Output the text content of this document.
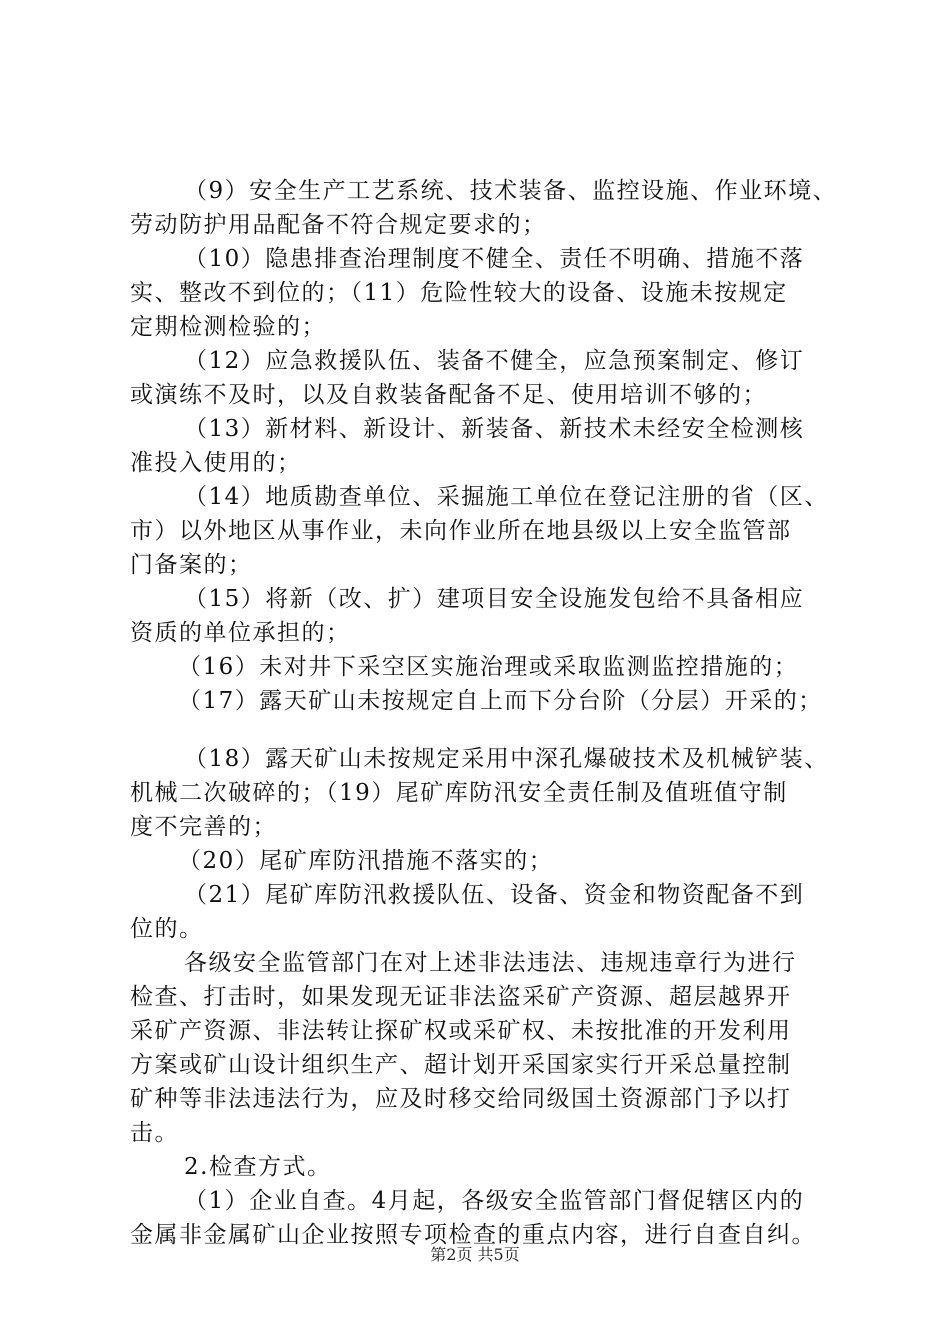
（9）安全生产工艺系统、技术装备、监控设施、作业环境、
劳动防护用品配备不符合规定要求的；
（10）隐患排查治理制度不健全、责任不明确、措施不落
实、整改不到位的；（11）危险性较大的设备、设施未按规定
定期检测检验的；
（12）应急救援队伍、装备不健全，应急预案制定、修订
或演练不及时，以及自救装备配备不足、使用培训不够的；
（13）新材料、新设计、新装备、新技术未经安全检测核
准投入使用的；
（14）地质勘查单位、采掘施工单位在登记注册的省（区、
市）以外地区从事作业，未向作业所在地县级以上安全监管部
门备案的；
（15）将新（改、扩）建项目安全设施发包给不具备相应
资质的单位承担的；
（16）未对井下采空区实施治理或采取监测监控措施的；
（17）露天矿山未按规定自上而下分台阶（分层）开采的；
（18）露天矿山未按规定采用中深孔爆破技术及机械铲装、
机械二次破碎的；（19）尾矿库防汛安全责任制及值班值守制
度不完善的；
（20）尾矿库防汛措施不落实的；
（21）尾矿库防汛救援队伍、设备、资金和物资配备不到
位的。
各级安全监管部门在对上述非法违法、违规违章行为进行
检查、打击时，如果发现无证非法盗采矿产资源、超层越界开
采矿产资源、非法转让探矿权或采矿权、未按批准的开发利用
方案或矿山设计组织生产、超计划开采国家实行开采总量控制
矿种等非法违法行为，应及时移交给同级国土资源部门予以打
击。
2.检查方式。
（1）企业自查。4月起，各级安全监管部门督促辖区内的
金属非金属矿山企业按照专项检查的重点内容，进行自查自纠。
第2页 共5页
